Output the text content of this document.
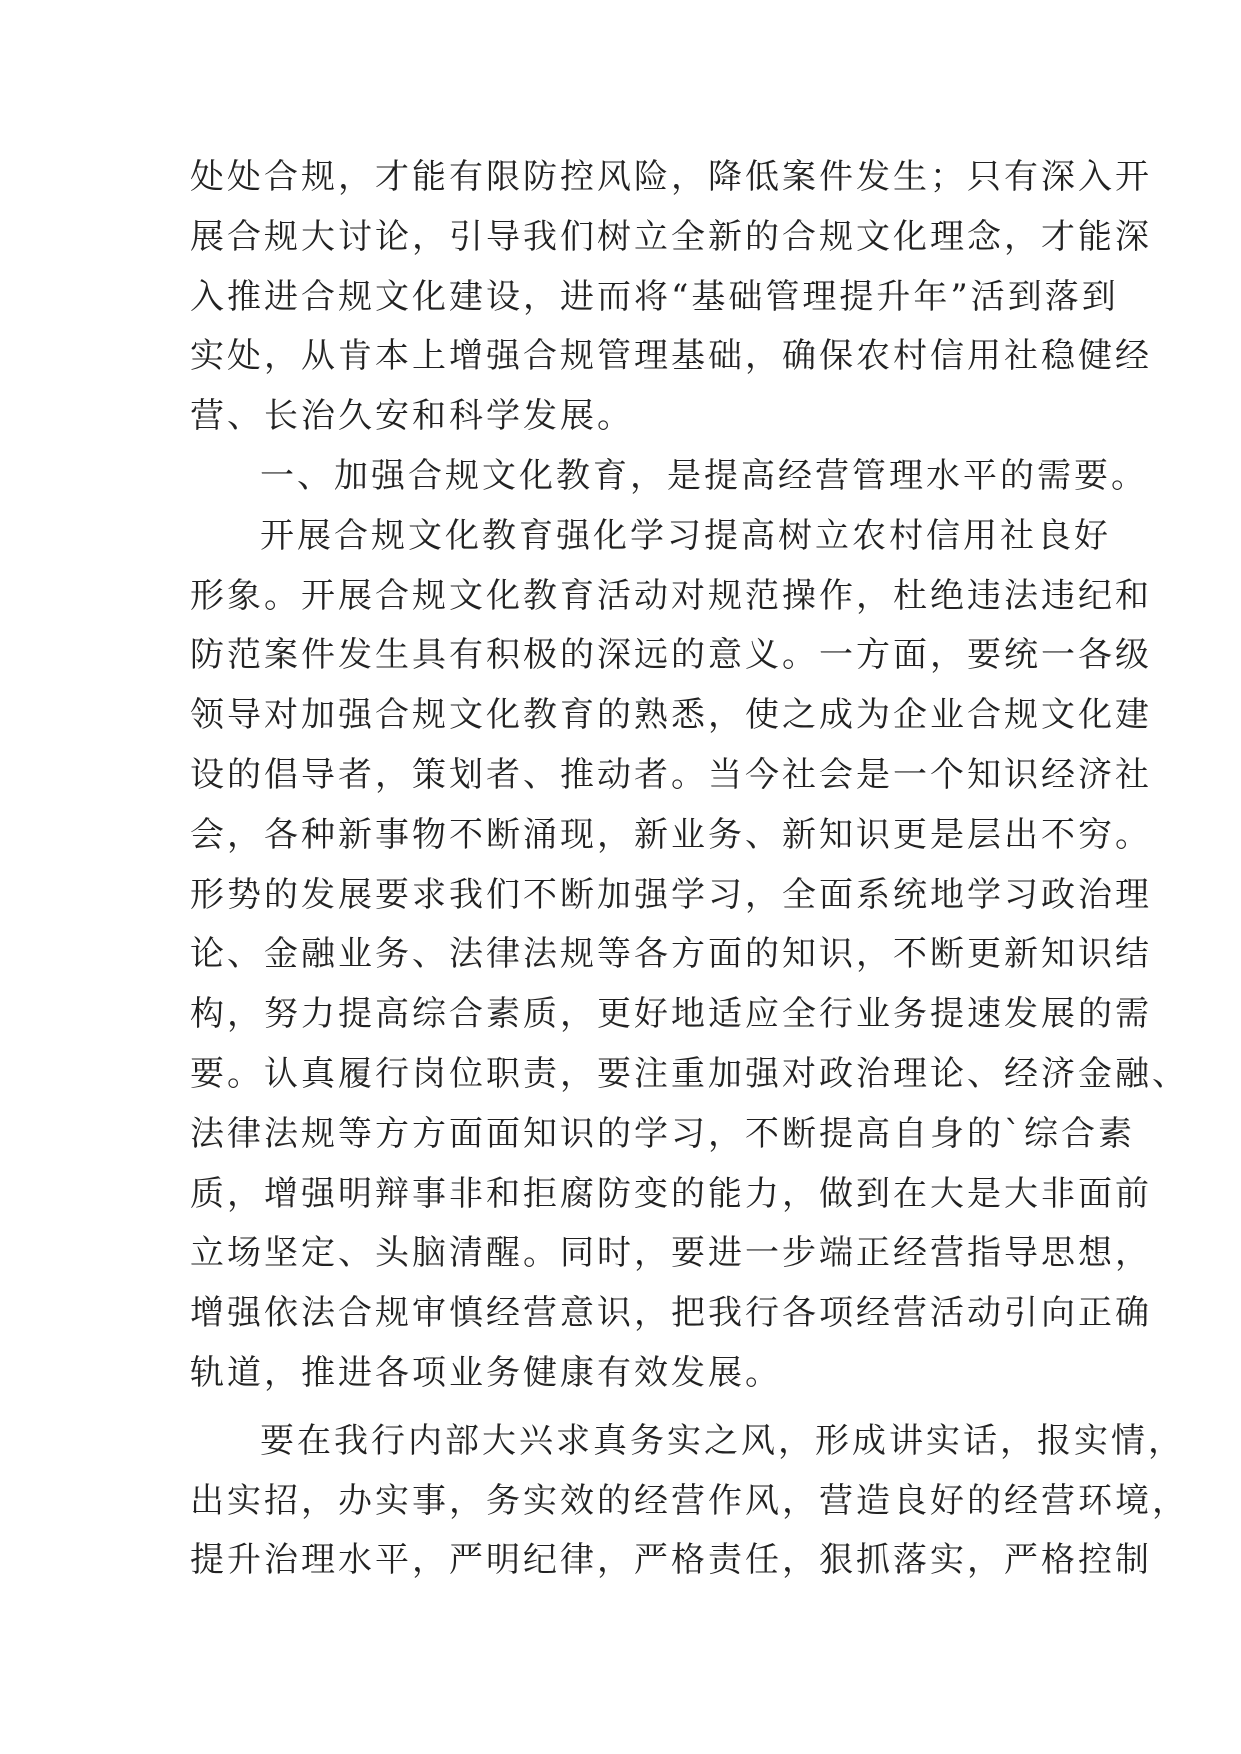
处处合规，才能有限防控风险，降低案件发生；只有深入开
展合规大讨论，引导我们树立全新的合规文化理念，才能深
入推进合规文化建设，进而将“基础管理提升年”活到落到
实处，从肯本上增强合规管理基础，确保农村信用社稳健经
营、长治久安和科学发展。
一、加强合规文化教育，是提高经营管理水平的需要。
开展合规文化教育强化学习提高树立农村信用社良好
形象。开展合规文化教育活动对规范操作，杜绝违法违纪和
防范案件发生具有积极的深远的意义。一方面，要统一各级
领导对加强合规文化教育的熟悉，使之成为企业合规文化建
设的倡导者，策划者、推动者。当今社会是一个知识经济社
会，各种新事物不断涌现，新业务、新知识更是层出不穷。
形势的发展要求我们不断加强学习，全面系统地学习政治理
论、金融业务、法律法规等各方面的知识，不断更新知识结
构，努力提高综合素质，更好地适应全行业务提速发展的需
要。认真履行岗位职责，要注重加强对政治理论、经济金融、
法律法规等方方面面知识的学习，不断提高自身的`综合素
质，增强明辩事非和拒腐防变的能力，做到在大是大非面前
立场坚定、头脑清醒。同时，要进一步端正经营指导思想，
增强依法合规审慎经营意识，把我行各项经营活动引向正确
轨道，推进各项业务健康有效发展。
要在我行内部大兴求真务实之风，形成讲实话，报实情，
出实招，办实事，务实效的经营作风，营造良好的经营环境，
提升治理水平，严明纪律，严格责任，狠抓落实，严格控制
